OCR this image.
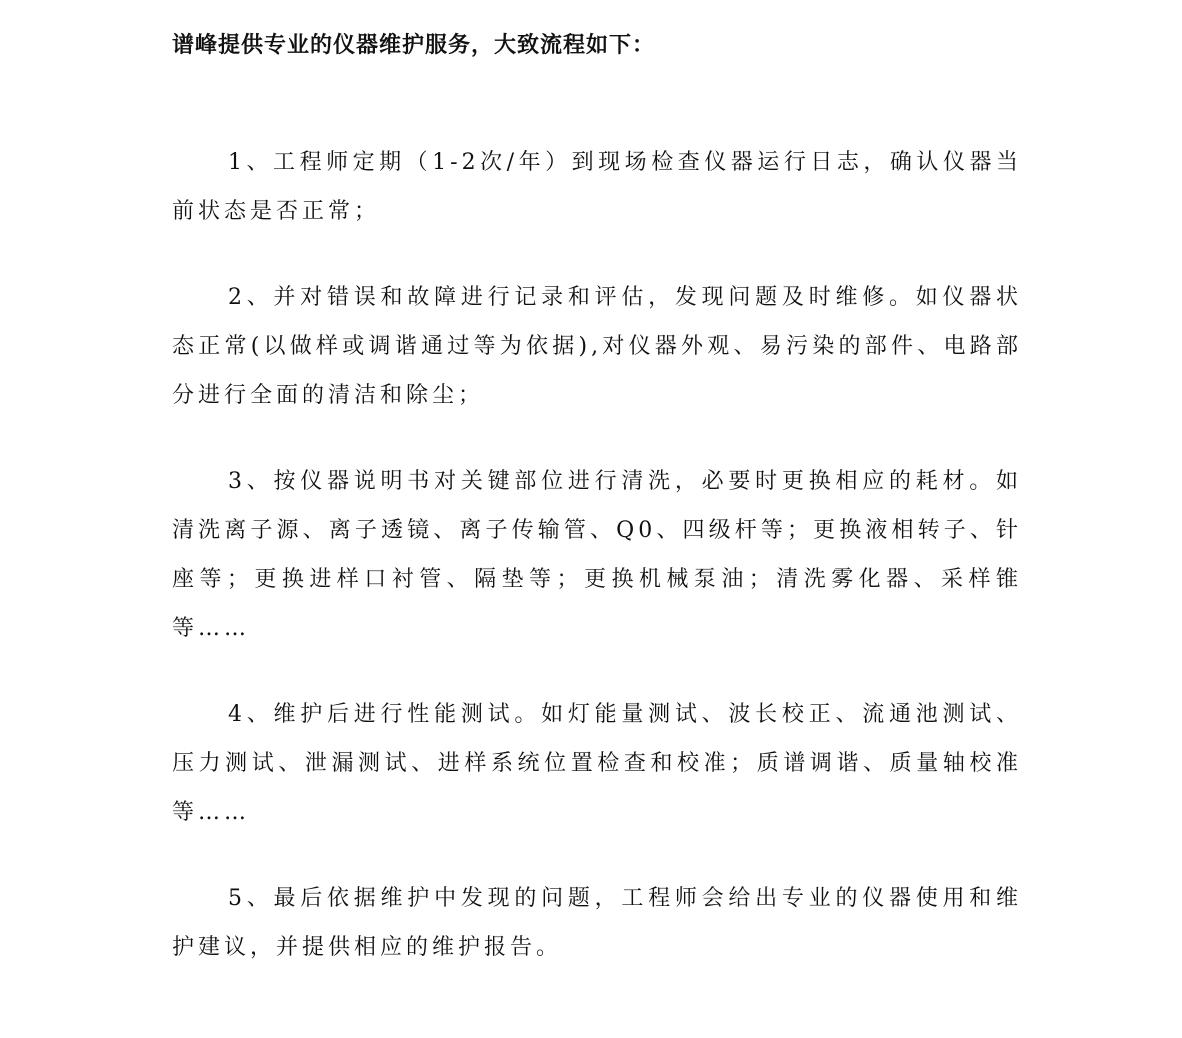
谱峰提供专业的仪器维护服务，大致流程如下：

1、工程师定期（1-2次/年）到现场检查仪器运行日志，确认仪器当前状态是否正常；

2、并对错误和故障进行记录和评估，发现问题及时维修。如仪器状态正常(以做样或调谐通过等为依据),对仪器外观、易污染的部件、电路部分进行全面的清洁和除尘；

3、按仪器说明书对关键部位进行清洗，必要时更换相应的耗材。如清洗离子源、离子透镜、离子传输管、Q0、四级杆等；更换液相转子、针座等；更换进样口衬管、隔垫等；更换机械泵油；清洗雾化器、采样锥等……

4、维护后进行性能测试。如灯能量测试、波长校正、流通池测试、压力测试、泄漏测试、进样系统位置检查和校准；质谱调谐、质量轴校准等……

5、最后依据维护中发现的问题，工程师会给出专业的仪器使用和维护建议，并提供相应的维护报告。
